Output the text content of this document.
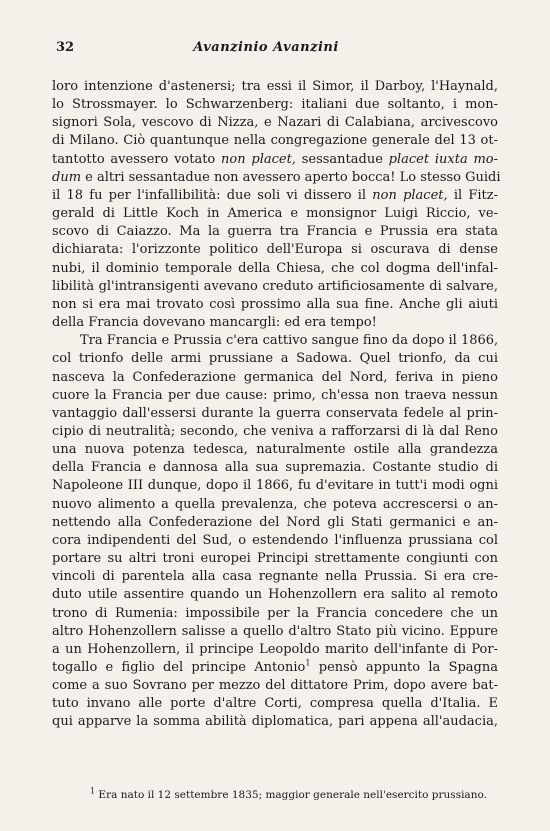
32	Avanzinio Avanzini

loro intenzione d'astenersi; tra essi il Simor, il Darboy, l'Haynald,
lo Strossmayer. lo Schwarzenberg: italiani due soltanto, i mon-
signori Sola, vescovo di Nizza, e Nazari di Calabiana, arcivescovo
di Milano. Ciò quantunque nella congregazione generale del 13 ot-
tantotto avessero votato non placet, sessantadue placet iuxta mo-
dum e altri sessantadue non avessero aperto bocca! Lo stesso Guidi
il 18 fu per l'infallibilità: due soli vi dissero il non placet, il Fitz-
gerald di Little Koch in America e monsignor Luigi Riccio, ve-
scovo di Caiazzo. Ma la guerra tra Francia e Prussia era stata
dichiarata: l'orizzonte politico dell'Europa si oscurava di dense
nubi, il dominio temporale della Chiesa, che col dogma dell'infal-
libilità gl'intransigenti avevano creduto artificiosamente di salvare,
non si era mai trovato così prossimo alla sua fine. Anche gli aiuti
della Francia dovevano mancargli: ed era tempo!

Tra Francia e Prussia c'era cattivo sangue fino da dopo il 1866,
col trionfo delle armi prussiane a Sadowa. Quel trionfo, da cui
nasceva la Confederazione germanica del Nord, feriva in pieno
cuore la Francia per due cause: primo, ch'essa non traeva nessun
vantaggio dall'essersi durante la guerra conservata fedele al prin-
cipio di neutralità; secondo, che veniva a rafforzarsi di là dal Reno
una nuova potenza tedesca, naturalmente ostile alla grandezza
della Francia e dannosa alla sua supremazia. Costante studio di
Napoleone III dunque, dopo il 1866, fu d'evitare in tutt'i modi ogni
nuovo alimento a quella prevalenza, che poteva accrescersi o an-
nettendo alla Confederazione del Nord gli Stati germanici e an-
cora indipendenti del Sud, o estendendo l'influenza prussiana col
portare su altri troni europei Principi strettamente congiunti con
vincoli di parentela alla casa regnante nella Prussia. Si era cre-
duto utile assentire quando un Hohenzollern era salito al remoto
trono di Rumenia: impossibile per la Francia concedere che un
altro Hohenzollern salisse a quello d'altro Stato più vicino. Eppure
a un Hohenzollern, il principe Leopoldo marito dell'infante di Por-
togallo e figlio del principe Antonio$^1$ pensò appunto la Spagna
come a suo Sovrano per mezzo del dittatore Prim, dopo avere bat-
tuto invano alle porte d'altre Corti, compresa quella d'Italia. E
qui apparve la somma abilità diplomatica, pari appena all'audacia,

$^1$ Era nato il 12 settembre 1835; maggior generale nell'esercito prussiano.
